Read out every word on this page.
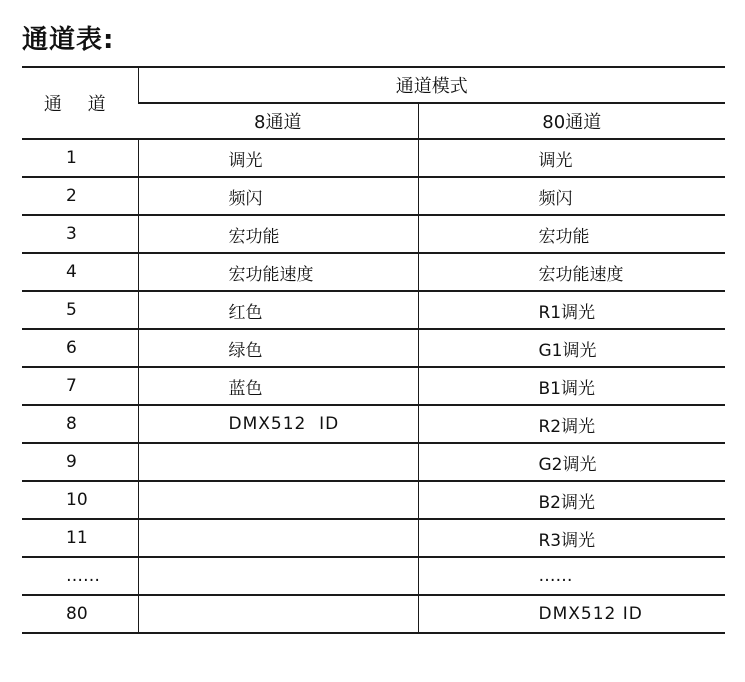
通道表:
通 道	通道模式	
	8通道	80通道
1	调光	调光
2	频闪	频闪
3	宏功能	宏功能
4	宏功能速度	宏功能速度
5	红色	R1调光
6	绿色	G1调光
7	蓝色	B1调光
8	DMX512  ID	R2调光
9		G2调光
10		B2调光
11		R3调光
……		……
80		DMX512 ID
